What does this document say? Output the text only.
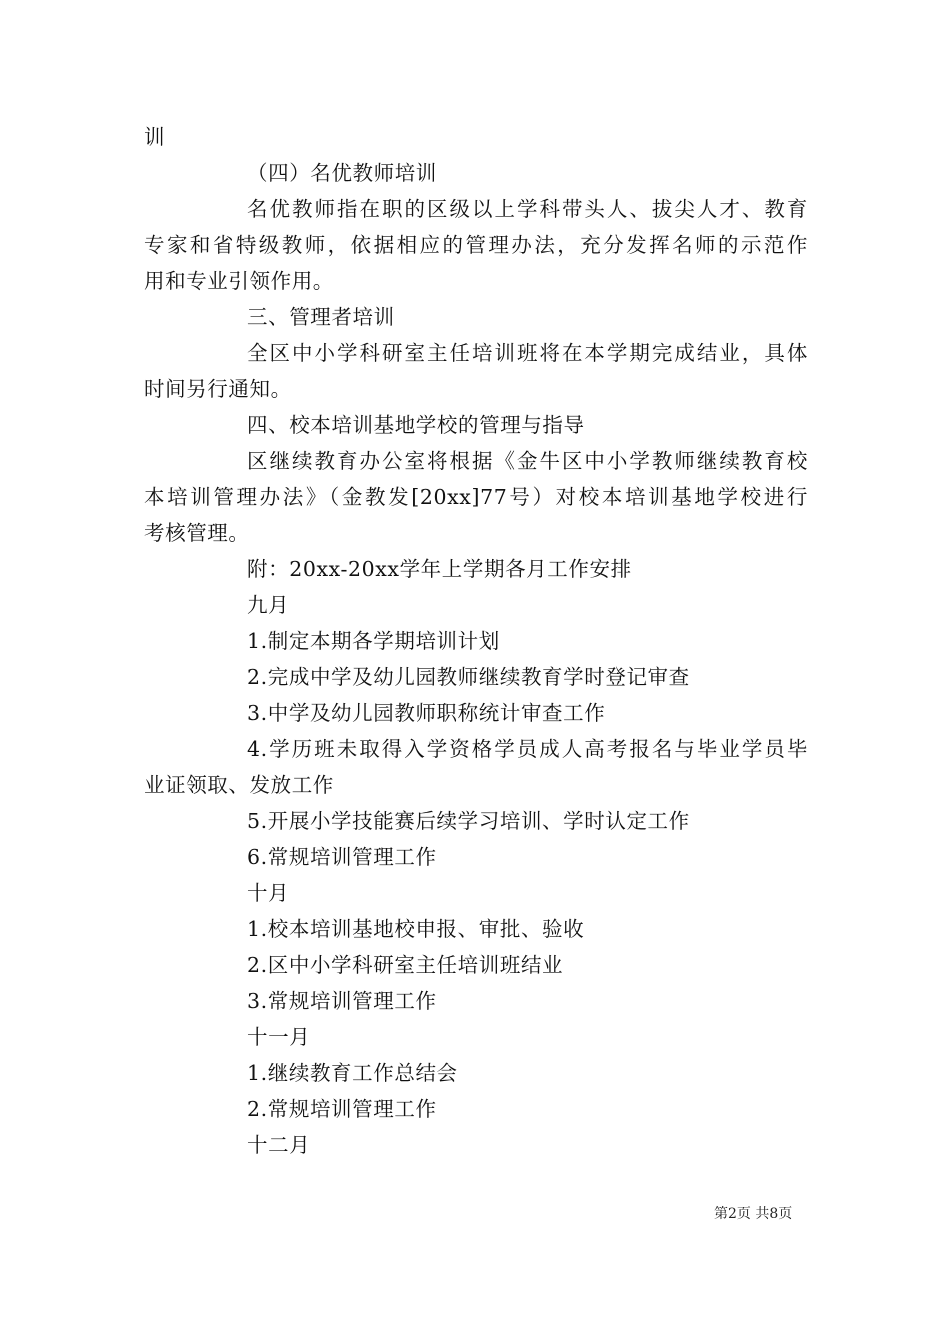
训
（四）名优教师培训
名优教师指在职的区级以上学科带头人、拔尖人才、教育
专家和省特级教师，依据相应的管理办法，充分发挥名师的示范作
用和专业引领作用。
三、管理者培训
全区中小学科研室主任培训班将在本学期完成结业，具体
时间另行通知。
四、校本培训基地学校的管理与指导
区继续教育办公室将根据《金牛区中小学教师继续教育校
本培训管理办法》（金教发[20xx]77号）对校本培训基地学校进行
考核管理。
附：20xx-20xx学年上学期各月工作安排
九月
1.制定本期各学期培训计划
2.完成中学及幼儿园教师继续教育学时登记审查
3.中学及幼儿园教师职称统计审查工作
4.学历班未取得入学资格学员成人高考报名与毕业学员毕
业证领取、发放工作
5.开展小学技能赛后续学习培训、学时认定工作
6.常规培训管理工作
十月
1.校本培训基地校申报、审批、验收
2.区中小学科研室主任培训班结业
3.常规培训管理工作
十一月
1.继续教育工作总结会
2.常规培训管理工作
十二月
第2页 共8页
